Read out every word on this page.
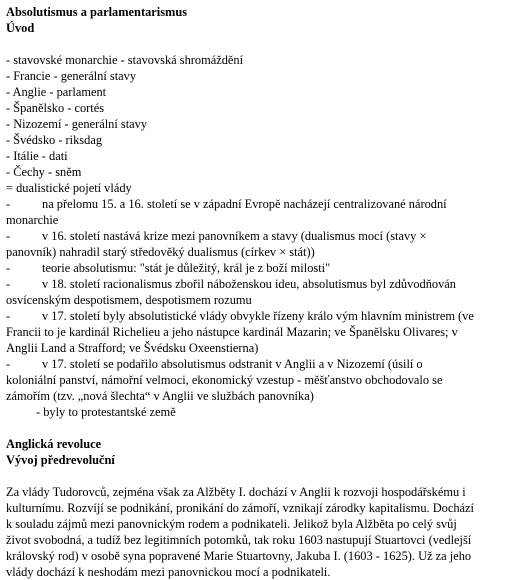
Absolutismus a parlamentarismus
Úvod
- stavovské monarchie - stavovská shromáždění
- Francie - generální stavy
- Anglie - parlament
- Španělsko - cortés
- Nizozemí - generální stavy
- Švédsko - riksdag
- Itálie - dati
- Čechy - sněm
= dualistické pojetí vlády
-	na přelomu 15. a 16. století se v západní Evropě nacházejí centralizované národní
monarchie
-	v 16. století nastává krize mezi panovníkem a stavy (dualismus mocí (stavy ×
panovník) nahradil starý středověký dualismus (církev × stát))
-	teorie absolutismu: "stát je důležitý, král je z boží milosti"
-	v 18. století racionalismus zbořil náboženskou ideu, absolutismus byl zdůvodňován
osvícenským despotismem, despotismem rozumu
-	v 17. století byly absolutistické vlády obvykle řízeny králo vým hlavním ministrem (ve
Francii to je kardinál Richelieu a jeho nástupce kardinál Mazarin; ve Španělsku Olivares; v
Anglii Land a Strafford; ve Švédsku Oxeenstierna)
-	v 17. století se podařilo absolutismus odstranit v Anglii a v Nizozemí (úsilí o
koloniální panství, námořní velmoci, ekonomický vzestup - měšťanstvo obchodovalo se
zámořím (tzv. „nová šlechta“ v Anglii ve službách panovníka)
- byly to protestantské země
Anglická revoluce
Vývoj předrevoluční
Za vlády Tudorovců, zejména však za Alžběty I. dochází v Anglii k rozvoji hospodářskému i
kulturnímu. Rozvíjí se podnikání, pronikání do zámoří, vznikají zárodky kapitalismu. Dochází
k souladu zájmů mezi panovnickým rodem a podnikateli. Jelikož byla Alžběta po celý svůj
život svobodná, a tudíž bez legitimních potomků, tak roku 1603 nastupují Stuartovci (vedlejší
královský rod) v osobě syna popravené Marie Stuartovny, Jakuba I. (1603 - 1625). Už za jeho
vlády dochází k neshodám mezi panovnickou mocí a podnikateli.
